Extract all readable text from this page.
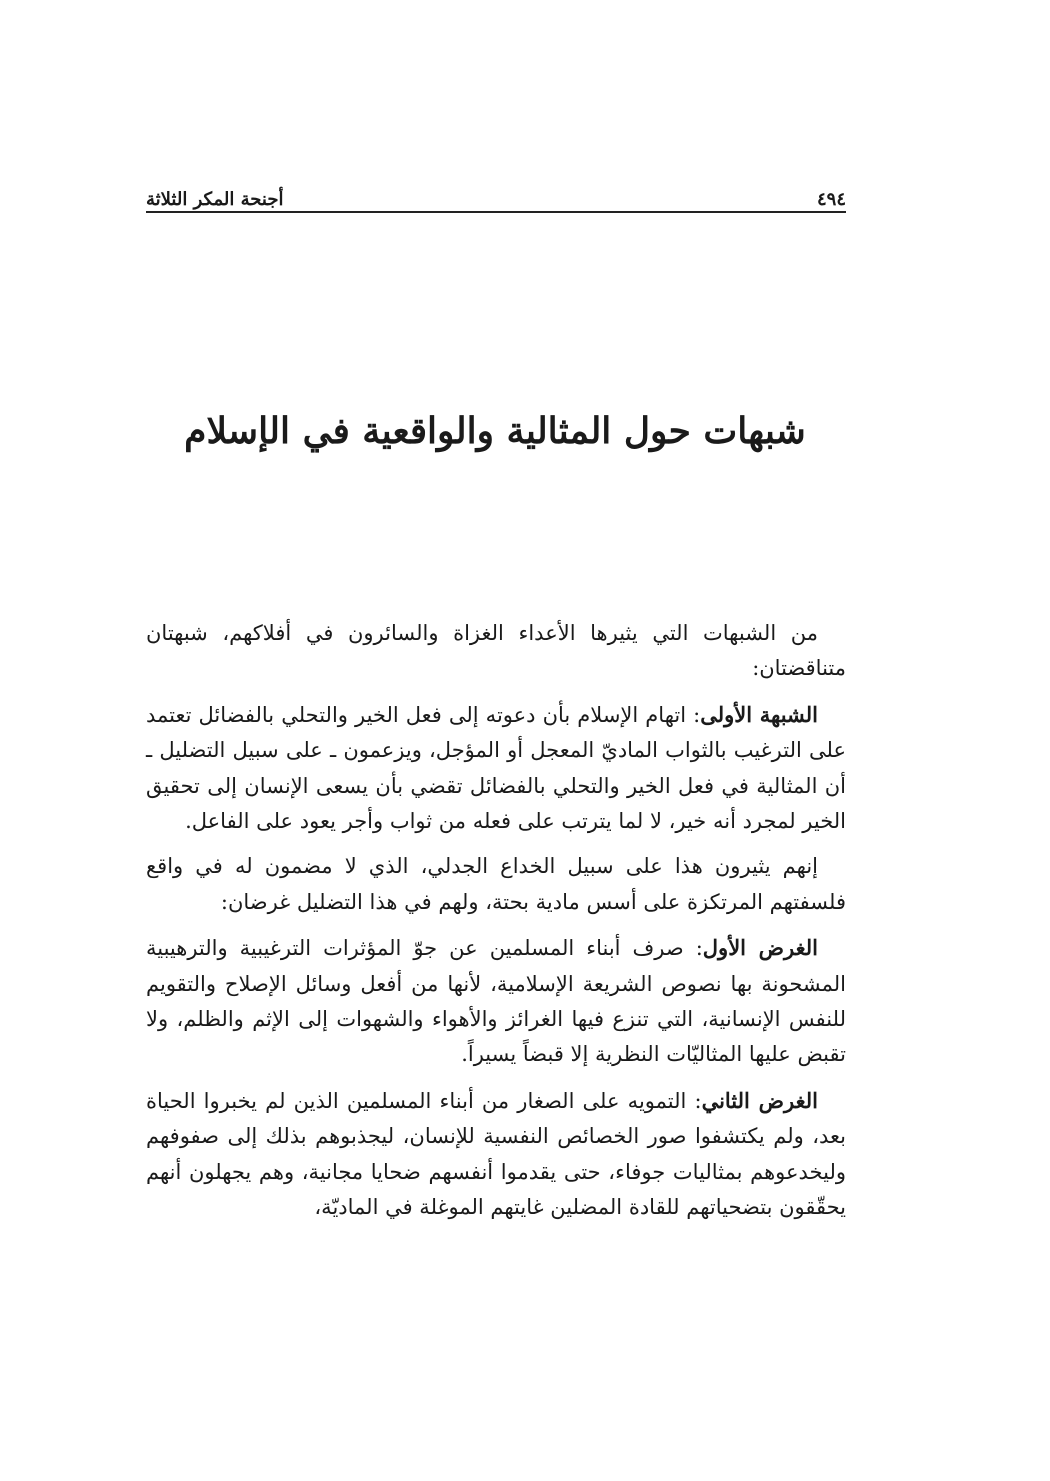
٤٩٤
أجنحة المكر الثلاثة
شبهات حول المثالية والواقعية في الإسلام

من الشبهات التي يثيرها الأعداء الغزاة والسائرون في أفلاكهم، شبهتان متناقضتان:

الشبهة الأولى: اتهام الإسلام بأن دعوته إلى فعل الخير والتحلي بالفضائل تعتمد على الترغيب بالثواب الماديّ المعجل أو المؤجل، ويزعمون ـ على سبيل التضليل ـ أن المثالية في فعل الخير والتحلي بالفضائل تقضي بأن يسعى الإنسان إلى تحقيق الخير لمجرد أنه خير، لا لما يترتب على فعله من ثواب وأجر يعود على الفاعل.

إنهم يثيرون هذا على سبيل الخداع الجدلي، الذي لا مضمون له في واقع فلسفتهم المرتكزة على أسس مادية بحتة، ولهم في هذا التضليل غرضان:

الغرض الأول: صرف أبناء المسلمين عن جوّ المؤثرات الترغيبية والترهيبية المشحونة بها نصوص الشريعة الإسلامية، لأنها من أفعل وسائل الإصلاح والتقويم للنفس الإنسانية، التي تنزع فيها الغرائز والأهواء والشهوات إلى الإثم والظلم، ولا تقبض عليها المثاليّات النظرية إلا قبضاً يسيراً.

الغرض الثاني: التمويه على الصغار من أبناء المسلمين الذين لم يخبروا الحياة بعد، ولم يكتشفوا صور الخصائص النفسية للإنسان، ليجذبوهم بذلك إلى صفوفهم وليخدعوهم بمثاليات جوفاء، حتى يقدموا أنفسهم ضحايا مجانية، وهم يجهلون أنهم يحقّقون بتضحياتهم للقادة المضلين غايتهم الموغلة في الماديّة،
